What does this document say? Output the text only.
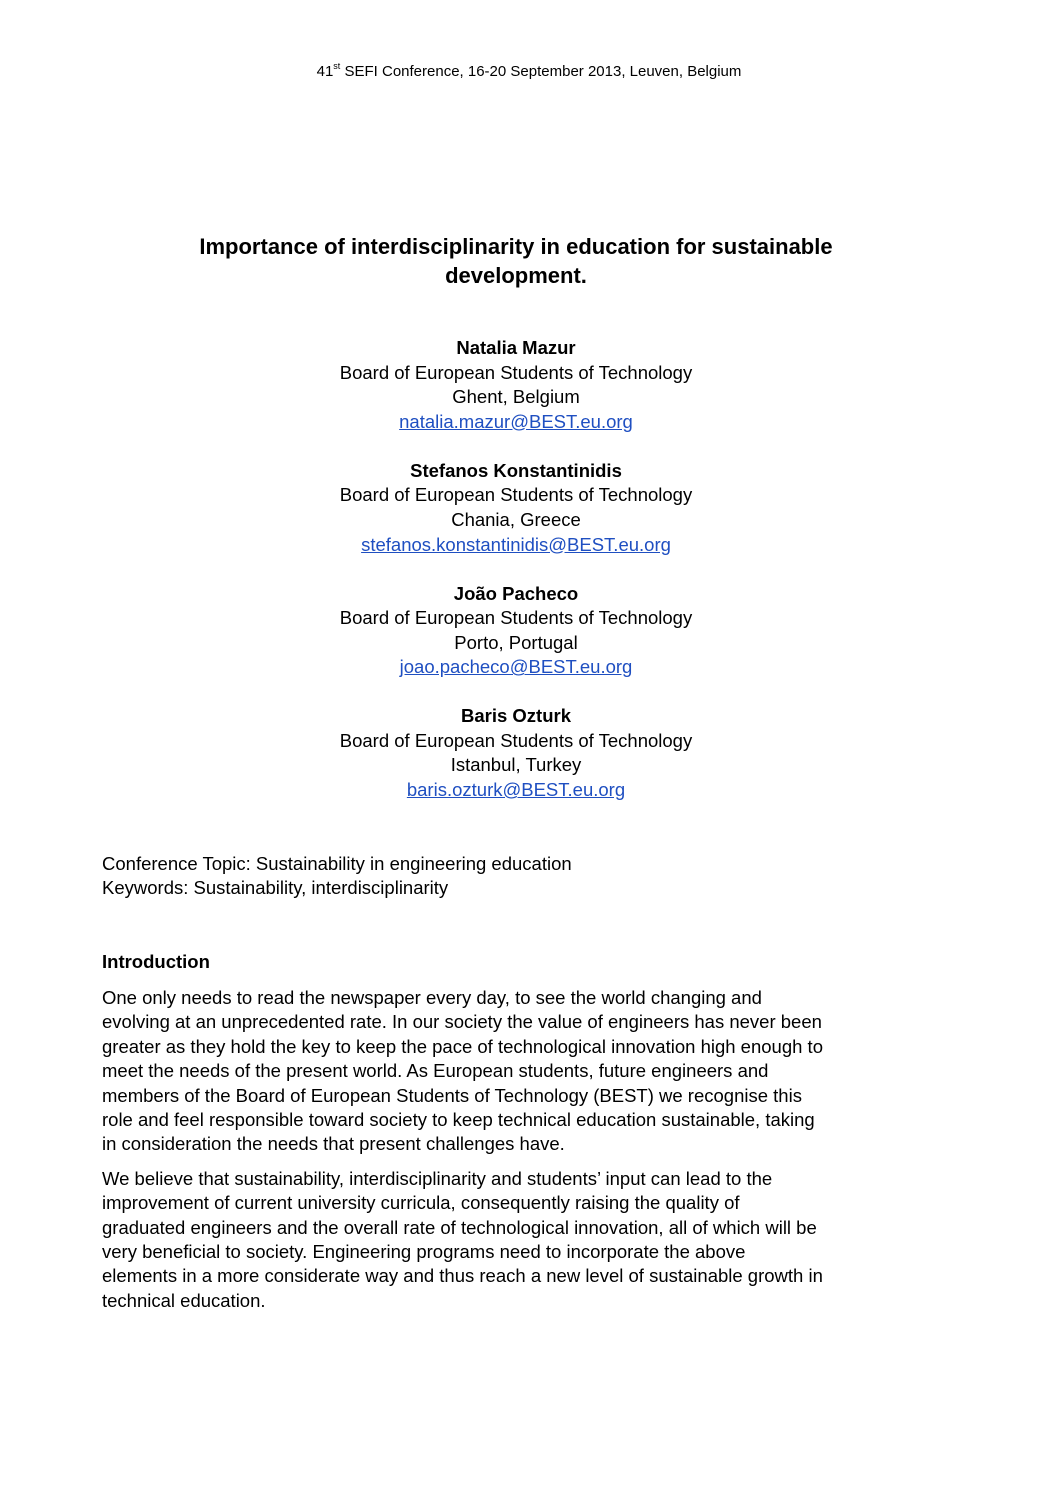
41st SEFI Conference, 16-20 September 2013, Leuven, Belgium
Importance of interdisciplinarity in education for sustainable
development.
Natalia Mazur
Board of European Students of Technology
Ghent, Belgium
natalia.mazur@BEST.eu.org
Stefanos Konstantinidis
Board of European Students of Technology
Chania, Greece
stefanos.konstantinidis@BEST.eu.org
João Pacheco
Board of European Students of Technology
Porto, Portugal
joao.pacheco@BEST.eu.org
Baris Ozturk
Board of European Students of Technology
Istanbul, Turkey
baris.ozturk@BEST.eu.org
Conference Topic: Sustainability in engineering education
Keywords: Sustainability, interdisciplinarity
Introduction

One only needs to read the newspaper every day, to see the world changing and
evolving at an unprecedented rate. In our society the value of engineers has never been
greater as they hold the key to keep the pace of technological innovation high enough to
meet the needs of the present world. As European students, future engineers and
members of the Board of European Students of Technology (BEST) we recognise this
role and feel responsible toward society to keep technical education sustainable, taking
in consideration the needs that present challenges have.

We believe that sustainability, interdisciplinarity and students’ input can lead to the
improvement of current university curricula, consequently raising the quality of
graduated engineers and the overall rate of technological innovation, all of which will be
very beneficial to society. Engineering programs need to incorporate the above
elements in a more considerate way and thus reach a new level of sustainable growth in
technical education.
